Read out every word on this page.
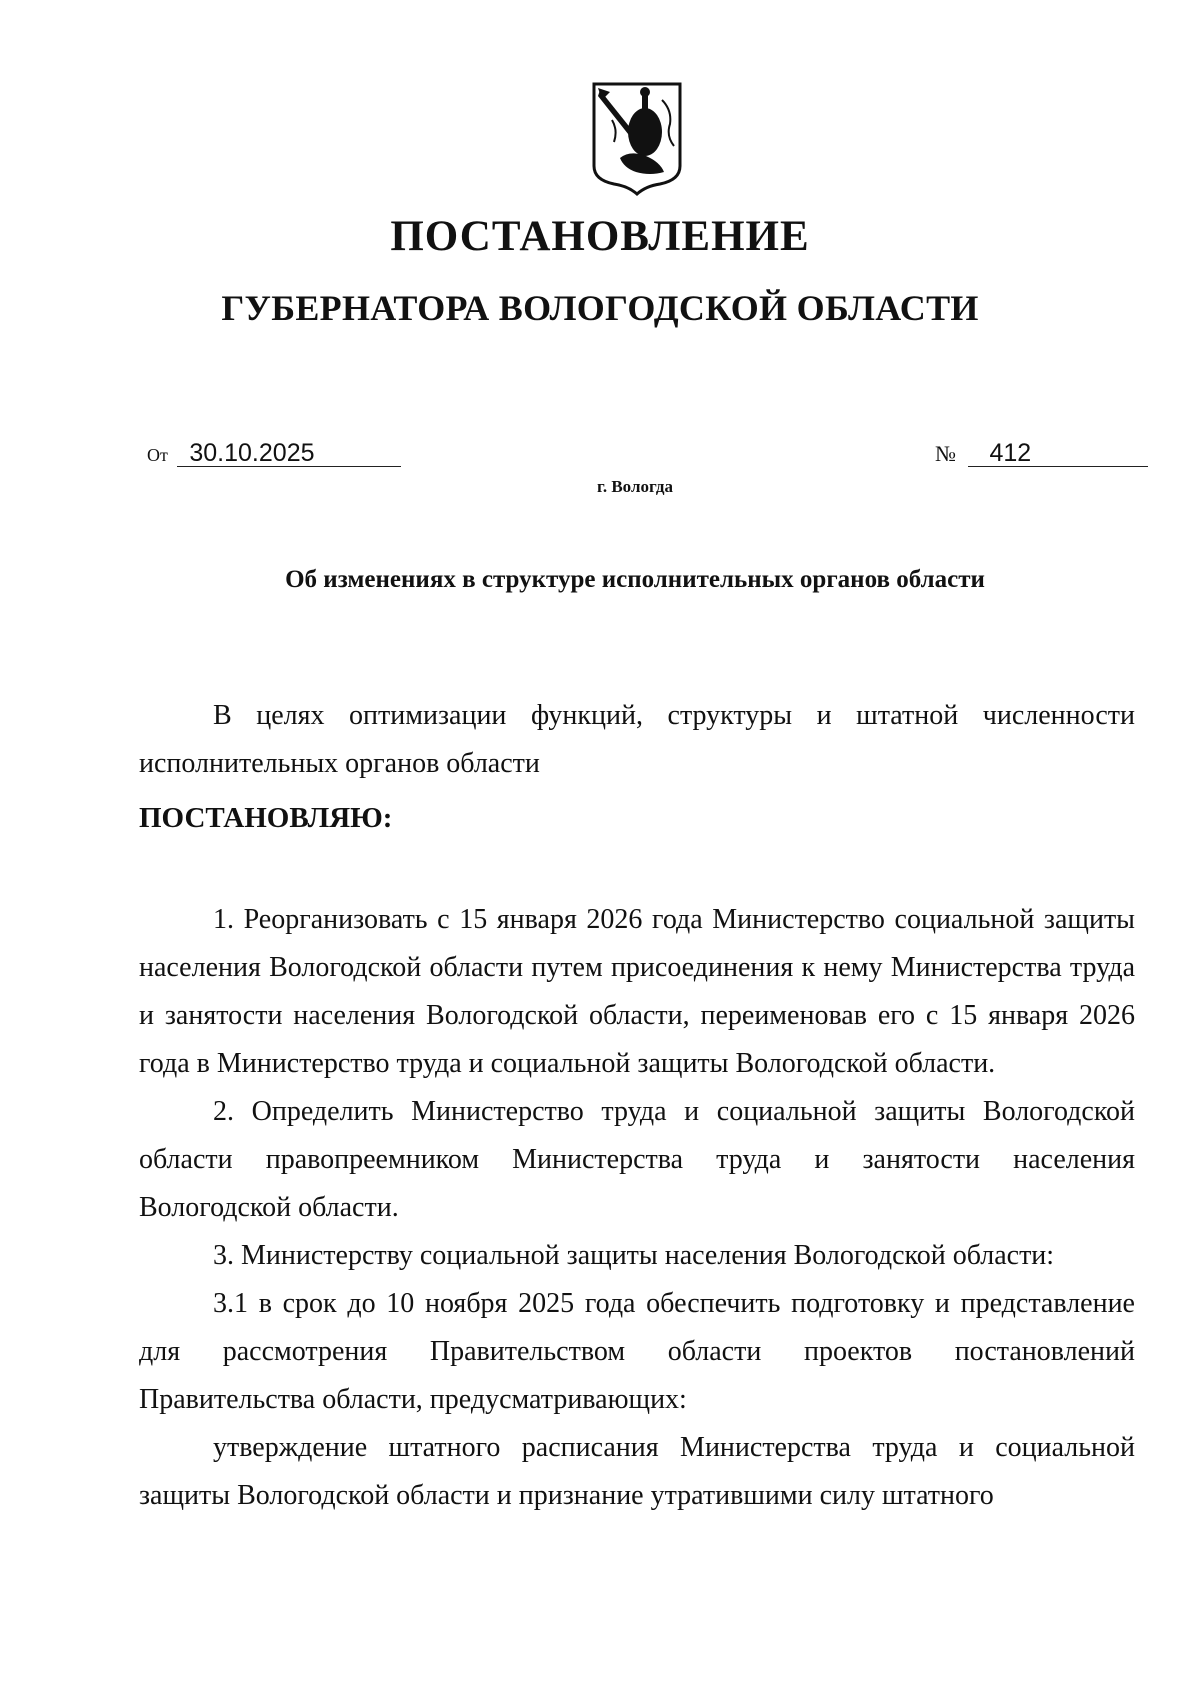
ПОСТАНОВЛЕНИЕ
ГУБЕРНАТОРА ВОЛОГОДСКОЙ ОБЛАСТИ
От 30.10.2025	№ 412
г. Вологда
Об изменениях в структуре исполнительных органов области

В целях оптимизации функций, структуры и штатной численности исполнительных органов области

ПОСТАНОВЛЯЮ:

1. Реорганизовать с 15 января 2026 года Министерство социальной защиты населения Вологодской области путем присоединения к нему Министерства труда и занятости населения Вологодской области, переименовав его с 15 января 2026 года в Министерство труда и социальной защиты Вологодской области.

2. Определить Министерство труда и социальной защиты Вологодской области правопреемником Министерства труда и занятости населения Вологодской области.

3. Министерству социальной защиты населения Вологодской области:

3.1 в срок до 10 ноября 2025 года обеспечить подготовку и представление для рассмотрения Правительством области проектов постановлений Правительства области, предусматривающих:

утверждение штатного расписания Министерства труда и социальной защиты Вологодской области и признание утратившими силу штатного
